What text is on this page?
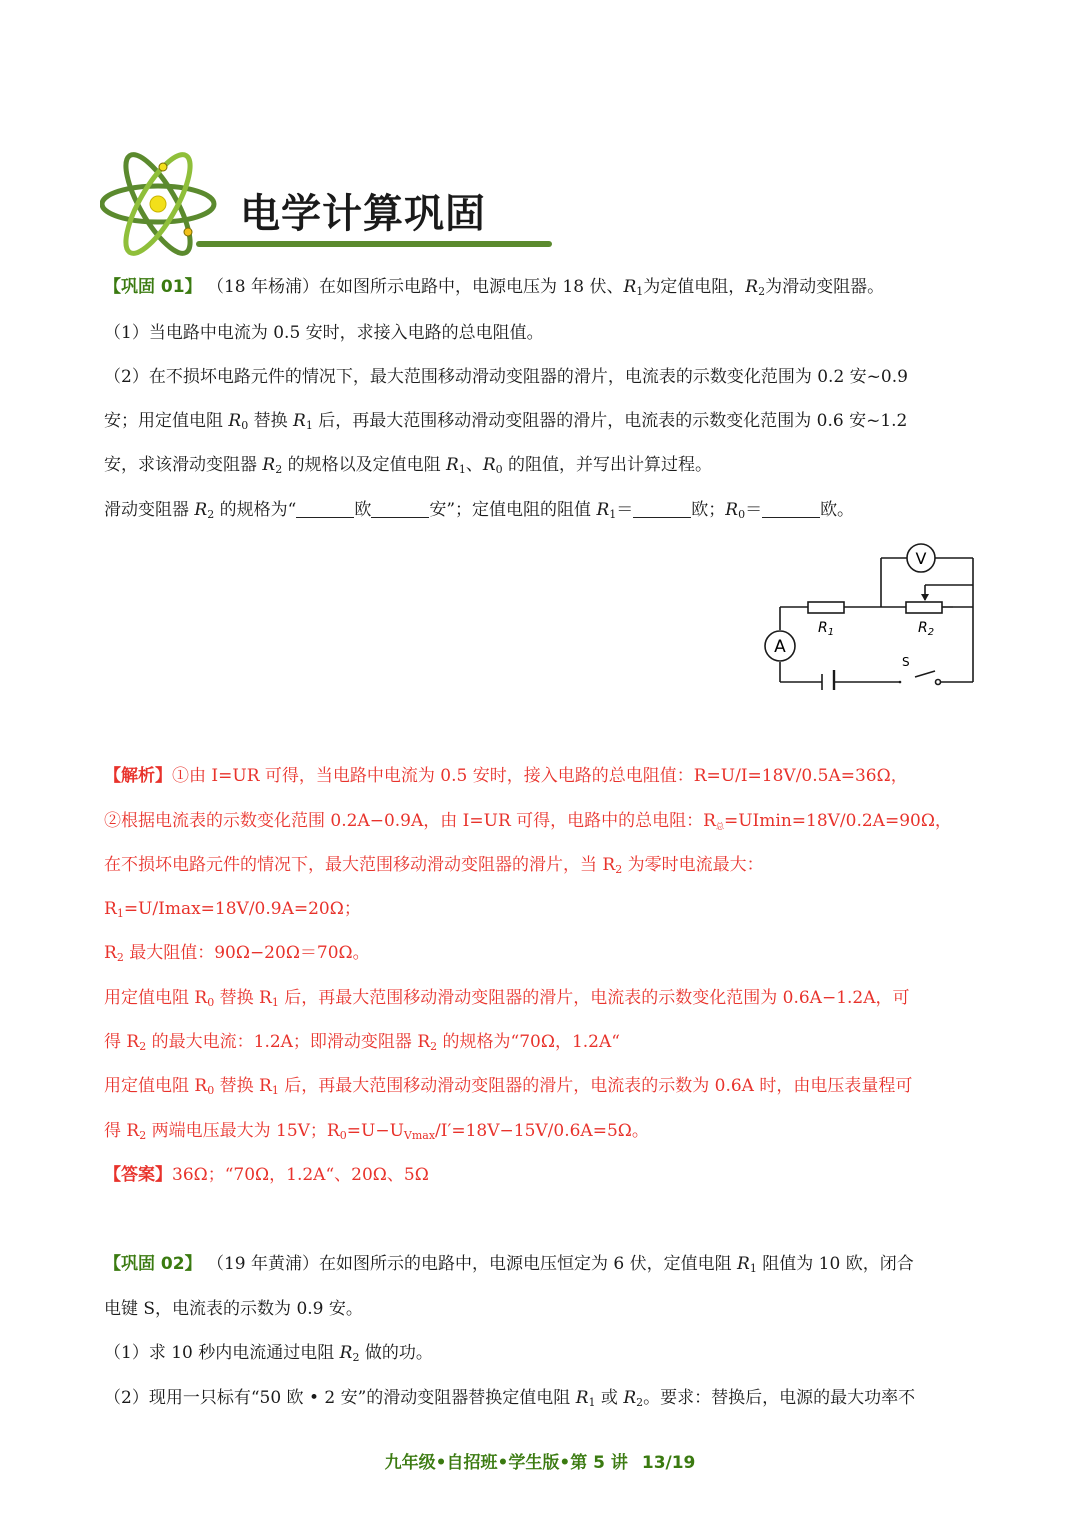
电学计算巩固
【巩固 01】 （18 年杨浦）在如图所示电路中，电源电压为 18 伏、$R_1$为定值电阻，$R_2$为滑动变阻器。
（1）当电路中电流为 0.5 安时，求接入电路的总电阻值。
（2）在不损坏电路元件的情况下，最大范围移动滑动变阻器的滑片，电流表的示数变化范围为 0.2 安~0.9
安；用定值电阻 $R_0$ 替换 $R_1$ 后，再最大范围移动滑动变阻器的滑片，电流表的示数变化范围为 0.6 安~1.2
安，求该滑动变阻器 $R_2$ 的规格以及定值电阻 $R_1$、$R_0$ 的阻值，并写出计算过程。
滑动变阻器 $R_2$ 的规格为“	欧	安”；定值电阻的阻值 $R_1=$	欧；$R_0=$	欧。
A
V
$R_1$	$R_2$
S
【解析】①由 I=UR 可得，当电路中电流为 0.5 安时，接入电路的总电阻值：R=U/I=18V/0.5A=36Ω，
②根据电流表的示数变化范围 0.2A−0.9A，由 I=UR 可得，电路中的总电阻：$R_总=UImin=18V/0.2A=90\Omega$，
在不损坏电路元件的情况下，最大范围移动滑动变阻器的滑片，当 $R_2$ 为零时电流最大：
$R_1=U/Imax=18V/0.9A=20\Omega$；
$R_2$ 最大阻值：90Ω−20Ω＝70Ω。
用定值电阻 $R_0$ 替换 $R_1$ 后，再最大范围移动滑动变阻器的滑片，电流表的示数变化范围为 0.6A−1.2A，可
得 $R_2$ 的最大电流：1.2A；即滑动变阻器 $R_2$ 的规格为“70Ω，1.2A“
用定值电阻 $R_0$ 替换 $R_1$ 后，再最大范围移动滑动变阻器的滑片，电流表的示数为 0.6A 时，由电压表量程可
得 $R_2$ 两端电压最大为 15V；$R_0=U-U_{Vmax}/I'=18V-15V/0.6A=5\Omega$。
【答案】36Ω；“70Ω，1.2A“、20Ω、5Ω
【巩固 02】 （19 年黄浦）在如图所示的电路中，电源电压恒定为 6 伏，定值电阻 $R_1$ 阻值为 10 欧，闭合
电键 S，电流表的示数为 0.9 安。
（1）求 10 秒内电流通过电阻 $R_2$ 做的功。
（2）现用一只标有“50 欧 • 2 安”的滑动变阻器替换定值电阻 $R_1$ 或 $R_2$。要求：替换后，电源的最大功率不
九年级•自招班•学生版•第 5 讲 13/19
